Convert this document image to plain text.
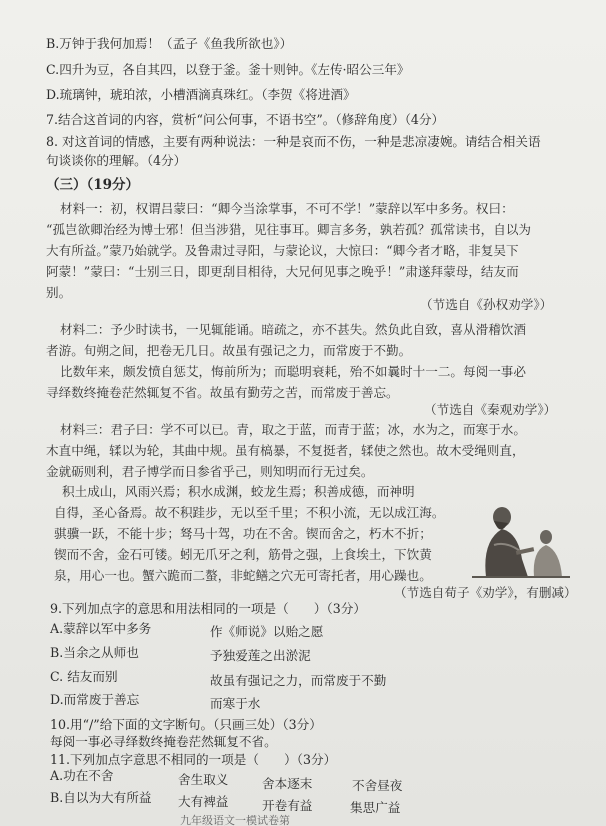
B.万钟于我何加焉！（孟子《鱼我所欲也》）
C.四升为豆，各自其四，以登于釜。釜十则钟。《左传·昭公三年》
D.琉璃钟，琥珀浓，小槽酒滴真珠红。（李贺《将进酒》
7.结合这首词的内容，赏析“问公何事，不语书空”。（修辞角度）（4分）
8. 对这首词的情感，主要有两种说法：一种是哀而不伤，一种是悲凉凄婉。请结合相关语
句谈谈你的理解。（4分）
（三）（19分）
材料一：初，权谓吕蒙曰：“卿今当涂掌事，不可不学！”蒙辞以军中多务。权曰：
“孤岂欲卿治经为博士邪！但当涉猎，见往事耳。卿言多务，孰若孤？孤常读书，自以为
大有所益。”蒙乃始就学。及鲁肃过寻阳，与蒙论议，大惊曰：“卿今者才略，非复吴下
阿蒙！”蒙曰：“士别三日，即更刮目相待，大兄何见事之晚乎！”肃遂拜蒙母，结友而
别。
（节选自《孙权劝学》）
材料二：予少时读书，一见辄能诵。暗疏之，亦不甚失。然负此自致，喜从滑稽饮酒
者游。旬朔之间，把卷无几日。故虽有强记之力，而常废于不勤。
比数年来，颇发愤自惩艾，悔前所为；而聪明衰耗，殆不如曩时十一二。每阅一事必
寻绎数终掩卷茫然辄复不省。故虽有勤劳之苦，而常废于善忘。
（节选自《秦观劝学》）
材料三：君子曰：学不可以已。青，取之于蓝，而青于蓝；冰，水为之，而寒于水。
木直中绳，𫐓以为轮，其曲中规。虽有槁暴，不复挺者，𫐓使之然也。故木受绳则直，
金就砺则利，君子博学而日参省乎己，则知明而行无过矣。
积土成山，风雨兴焉；积水成渊，蛟龙生焉；积善成德，而神明
自得，圣心备焉。故不积跬步，无以至千里；不积小流，无以成江海。
骐骥一跃，不能十步；驽马十驾，功在不舍。锲而舍之，朽木不折；
锲而不舍，金石可镂。蚓无爪牙之利，筋骨之强，上食埃土，下饮黄
泉，用心一也。蟹六跪而二螯，非蛇鳝之穴无可寄托者，用心躁也。
（节选自荀子《劝学》，有删减）
9.下列加点字的意思和用法相同的一项是（　　）（3分）
A.蒙辞以军中多务	作《师说》以贻之愿
B.当余之从师也	予独爱莲之出淤泥
C. 结友而别	故虽有强记之力，而常废于不勤
D.而常废于善忘	而寒于水
10.用“/”给下面的文字断句。（只画三处）（3分）
每阅一事必寻绎数终掩卷茫然辄复不省。
11.下列加点字意思不相同的一项是（　　）（3分）
A.功在不舍	舍生取义	舍本逐末	不舍昼夜
B.自以为大有所益 大有裨益	开卷有益	集思广益
九年级语文一模试卷第
